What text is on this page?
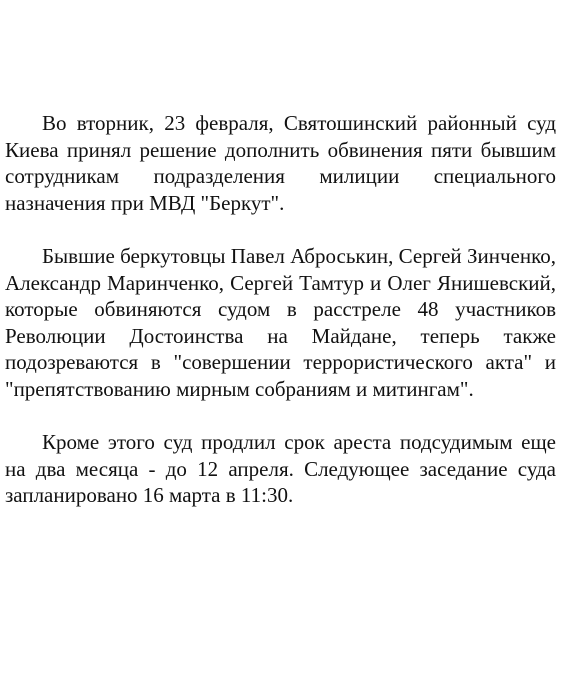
Во вторник, 23 февраля, Святошинский районный суд Киева принял решение дополнить обвинения пяти бывшим сотрудникам подразделения милиции специального назначения при МВД "Беркут".

Бывшие беркутовцы Павел Аброськин, Сергей Зинченко, Александр Маринченко, Сергей Тамтур и Олег Янишевский, которые обвиняются судом в расстреле 48 участников Революции Достоинства на Майдане, теперь также подозреваются в "совершении террористического акта" и "препятствованию мирным собраниям и митингам".

Кроме этого суд продлил срок ареста подсудимым еще на два месяца - до 12 апреля. Следующее заседание суда запланировано 16 марта в 11:30.
